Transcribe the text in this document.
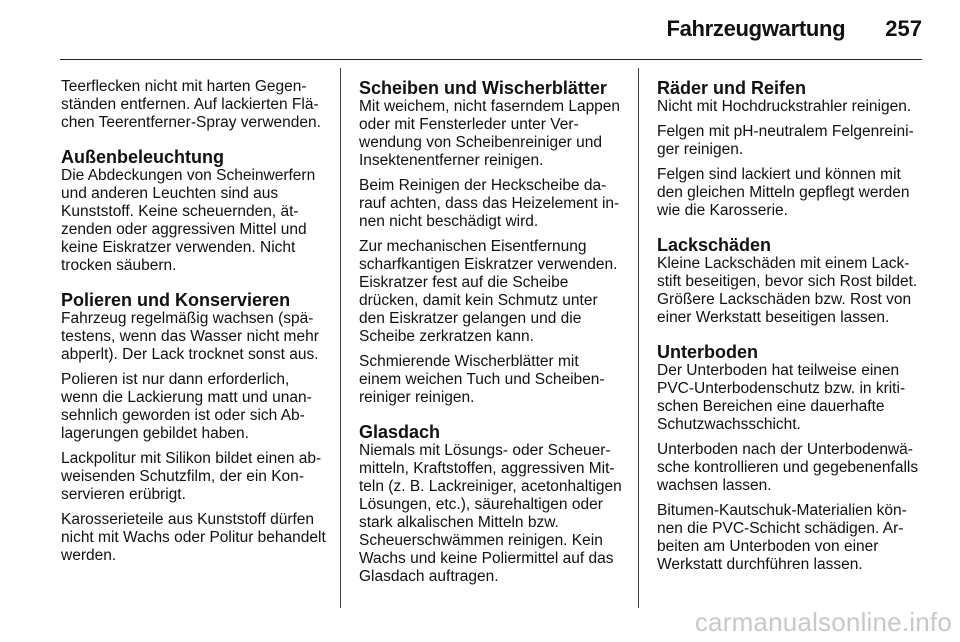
Fahrzeugwartung 257

Teerflecken nicht mit harten Gegenständen entfernen. Auf lackierten Flächen Teerentferner-Spray verwenden.

Außenbeleuchtung

Die Abdeckungen von Scheinwerfern und anderen Leuchten sind aus Kunststoff. Keine scheuernden, ätzenden oder aggressiven Mittel und keine Eiskratzer verwenden. Nicht trocken säubern.

Polieren und Konservieren

Fahrzeug regelmäßig wachsen (spätestens, wenn das Wasser nicht mehr abperlt). Der Lack trocknet sonst aus.

Polieren ist nur dann erforderlich, wenn die Lackierung matt und unansehnlich geworden ist oder sich Ablagerungen gebildet haben.

Lackpolitur mit Silikon bildet einen abweisenden Schutzfilm, der ein Konservieren erübrigt.

Karosserieteile aus Kunststoff dürfen nicht mit Wachs oder Politur behandelt werden.

Scheiben und Wischerblätter

Mit weichem, nicht faserndem Lappen oder mit Fensterleder unter Verwendung von Scheibenreiniger und Insektenentferner reinigen.

Beim Reinigen der Heckscheibe darauf achten, dass das Heizelement innen nicht beschädigt wird.

Zur mechanischen Eisentfernung scharfkantigen Eiskratzer verwenden. Eiskratzer fest auf die Scheibe drücken, damit kein Schmutz unter den Eiskratzer gelangen und die Scheibe zerkratzen kann.

Schmierende Wischerblätter mit einem weichen Tuch und Scheibenreiniger reinigen.

Glasdach

Niemals mit Lösungs- oder Scheuermitteln, Kraftstoffen, aggressiven Mitteln (z. B. Lackreiniger, acetonhaltigen Lösungen, etc.), säurehaltigen oder stark alkalischen Mitteln bzw. Scheuerschwämmen reinigen. Kein Wachs und keine Poliermittel auf das Glasdach auftragen.

Räder und Reifen

Nicht mit Hochdruckstrahler reinigen.

Felgen mit pH-neutralem Felgenreiniger reinigen.

Felgen sind lackiert und können mit den gleichen Mitteln gepflegt werden wie die Karosserie.

Lackschäden

Kleine Lackschäden mit einem Lackstift beseitigen, bevor sich Rost bildet. Größere Lackschäden bzw. Rost von einer Werkstatt beseitigen lassen.

Unterboden

Der Unterboden hat teilweise einen PVC-Unterbodenschutz bzw. in kritischen Bereichen eine dauerhafte Schutzwachsschicht.

Unterboden nach der Unterbodenwäsche kontrollieren und gegebenenfalls wachsen lassen.

Bitumen-Kautschuk-Materialien können die PVC-Schicht schädigen. Arbeiten am Unterboden von einer Werkstatt durchführen lassen.

carmanualsonline.info
